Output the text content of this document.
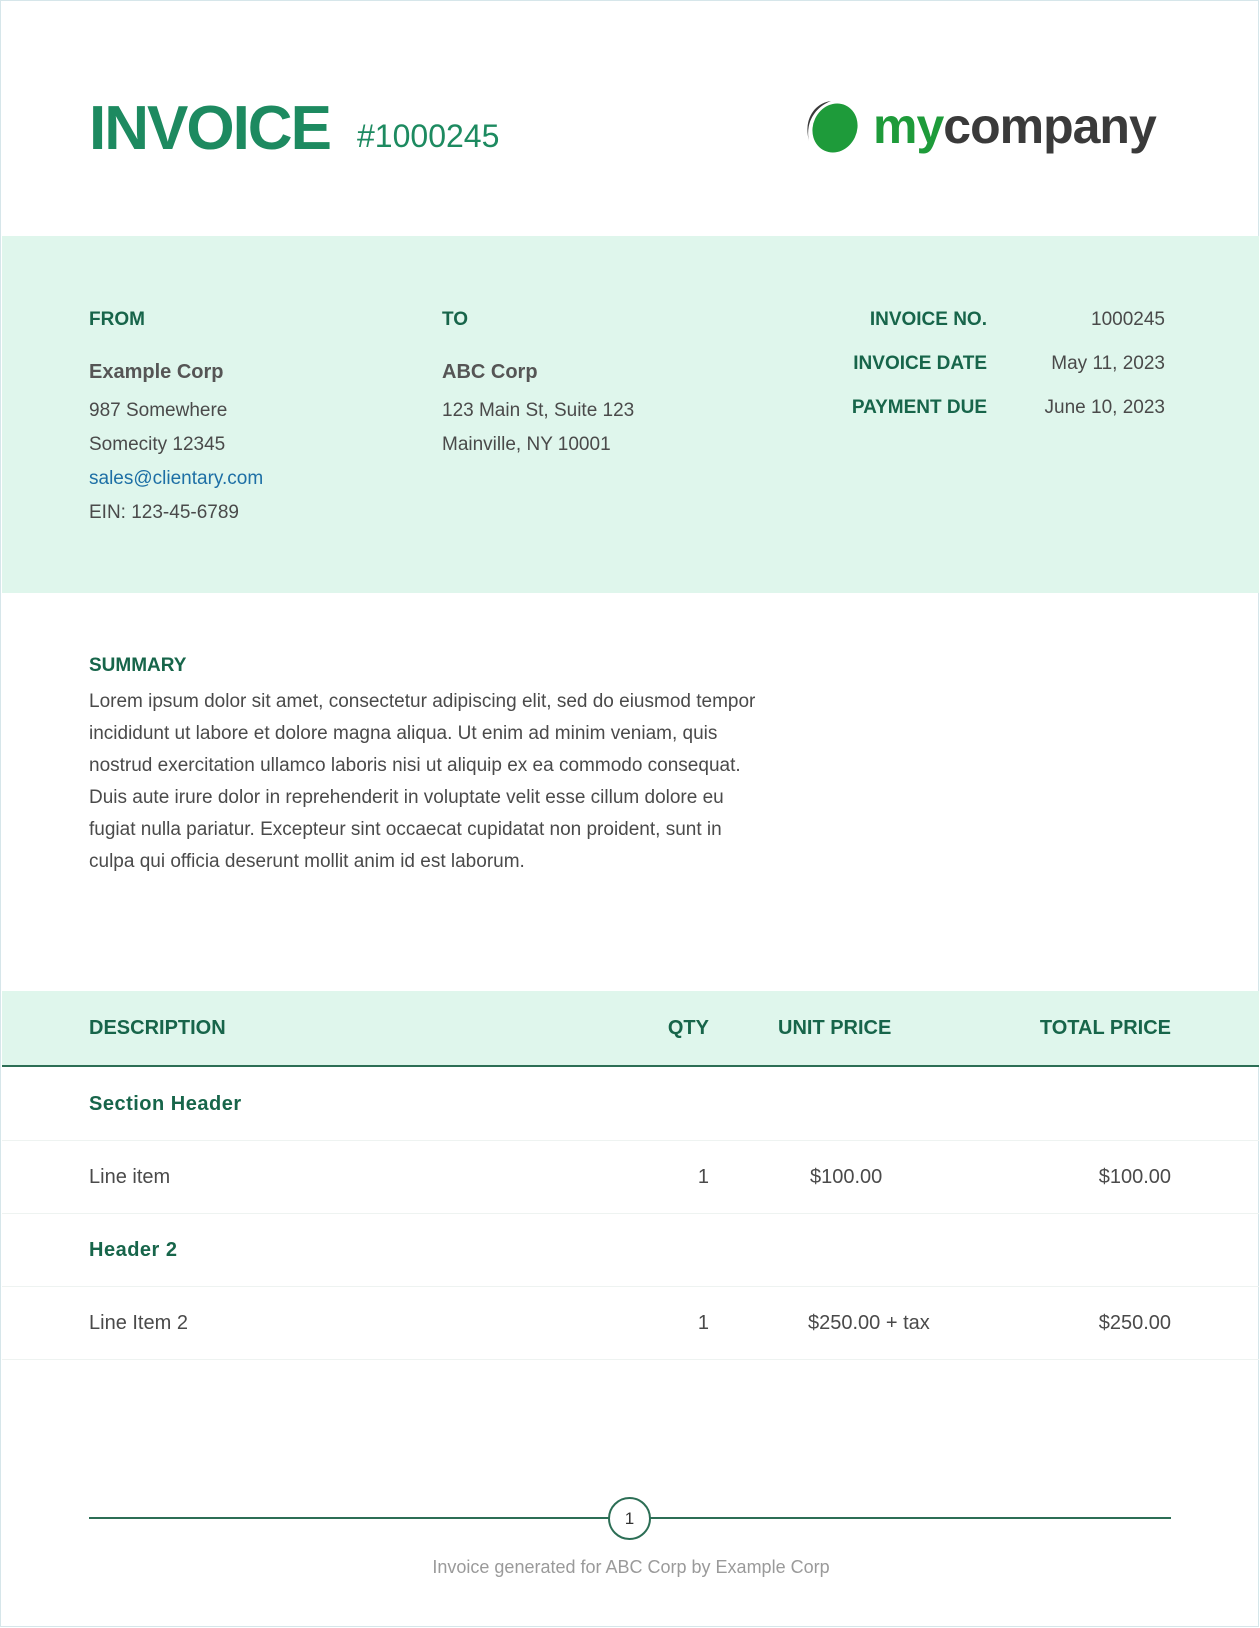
INVOICE #1000245	mycompany
FROM
Example Corp
987 Somewhere
Somecity 12345
sales@clientary.com
EIN: 123-45-6789
TO
ABC Corp
123 Main St, Suite 123
Mainville, NY 10001
INVOICE NO.	1000245
INVOICE DATE	May 11, 2023
PAYMENT DUE	June 10, 2023
SUMMARY
Lorem ipsum dolor sit amet, consectetur adipiscing elit, sed do eiusmod tempor incididunt ut labore et dolore magna aliqua. Ut enim ad minim veniam, quis nostrud exercitation ullamco laboris nisi ut aliquip ex ea commodo consequat. Duis aute irure dolor in reprehenderit in voluptate velit esse cillum dolore eu fugiat nulla pariatur. Excepteur sint occaecat cupidatat non proident, sunt in culpa qui officia deserunt mollit anim id est laborum.
DESCRIPTION	QTY	UNIT PRICE	TOTAL PRICE
Section Header
Line item	1	$100.00	$100.00
Header 2
Line Item 2	1	$250.00 + tax	$250.00
1
Invoice generated for ABC Corp by Example Corp
